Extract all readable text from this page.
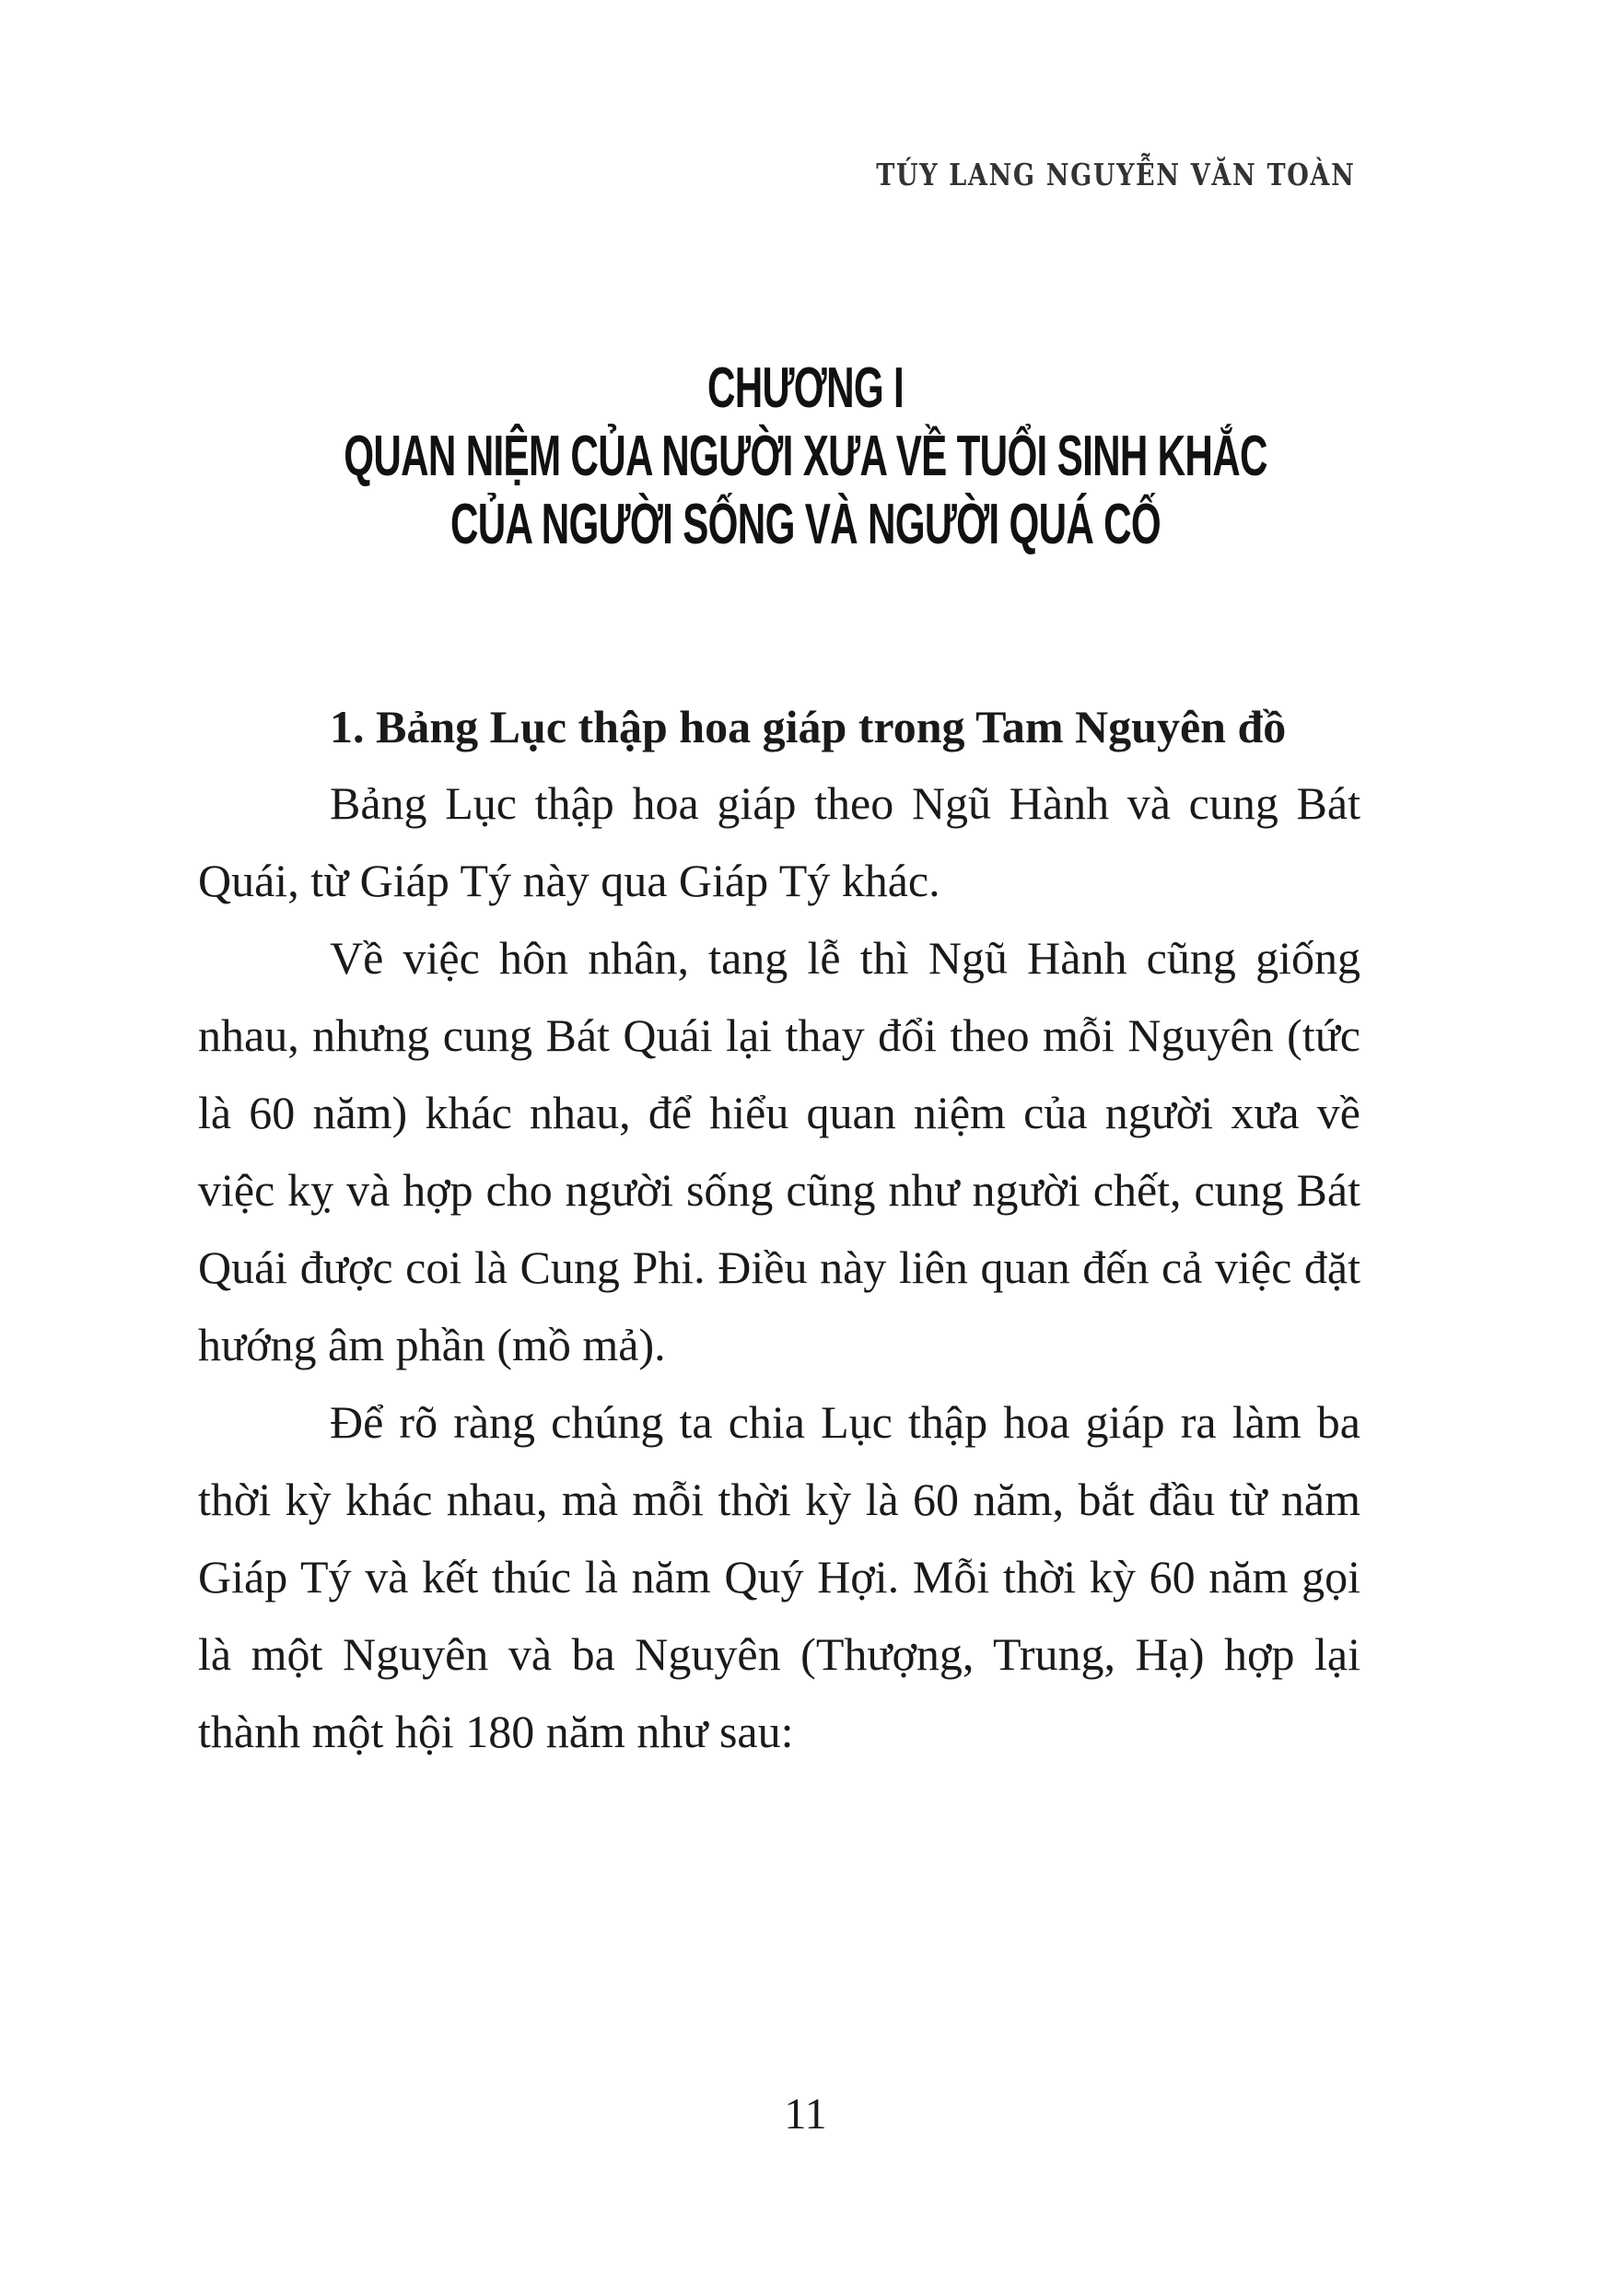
TÚY LANG NGUYỄN VĂN TOÀN
CHƯƠNG I
QUAN NIỆM CỦA NGƯỜI XƯA VỀ TUỔI SINH KHẮC
CỦA NGƯỜI SỐNG VÀ NGƯỜI QUÁ CỐ
1. Bảng Lục thập hoa giáp trong Tam Nguyên đồ

Bảng Lục thập hoa giáp theo Ngũ Hành và cung Bát Quái, từ Giáp Tý này qua Giáp Tý khác.

Về việc hôn nhân, tang lễ thì Ngũ Hành cũng giống nhau, nhưng cung Bát Quái lại thay đổi theo mỗi Nguyên (tức là 60 năm) khác nhau, để hiểu quan niệm của người xưa về việc kỵ và hợp cho người sống cũng như người chết, cung Bát Quái được coi là Cung Phi. Điều này liên quan đến cả việc đặt hướng âm phần (mồ mả).

Để rõ ràng chúng ta chia Lục thập hoa giáp ra làm ba thời kỳ khác nhau, mà mỗi thời kỳ là 60 năm, bắt đầu từ năm Giáp Tý và kết thúc là năm Quý Hợi. Mỗi thời kỳ 60 năm gọi là một Nguyên và ba Nguyên (Thượng, Trung, Hạ) hợp lại thành một hội 180 năm như sau:

11
